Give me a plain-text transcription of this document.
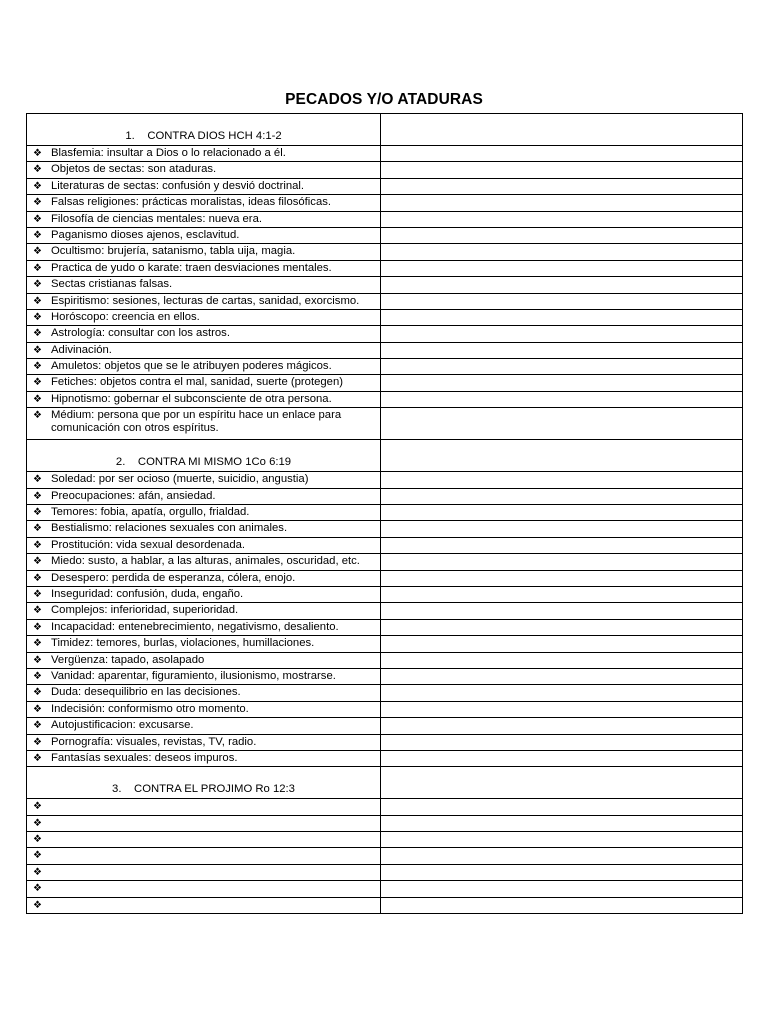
PECADOS Y/O ATADURAS
1. CONTRA DIOS HCH 4:1-2	

❖ Blasfemia: insultar a Dios o lo relacionado a él.	

❖ Objetos de sectas: son ataduras.	

❖ Literaturas de sectas: confusión y desvió doctrinal.	

❖ Falsas religiones: prácticas moralistas, ideas filosóficas.	

❖ Filosofía de ciencias mentales: nueva era.	

❖ Paganismo dioses ajenos, esclavitud.	

❖ Ocultismo: brujería, satanismo, tabla uija, magia.	

❖ Practica de yudo o karate: traen desviaciones mentales.	

❖ Sectas cristianas falsas.	

❖ Espiritismo: sesiones, lecturas de cartas, sanidad, exorcismo.	

❖ Horóscopo: creencia en ellos.	

❖ Astrología: consultar con los astros.	

❖ Adivinación.	

❖ Amuletos: objetos que se le atribuyen poderes mágicos.	

❖ Fetiches: objetos contra el mal, sanidad, suerte (protegen)	

❖ Hipnotismo: gobernar el subconsciente de otra persona.	

❖ Médium: persona que por un espíritu hace un enlace para comunicación con otros espíritus.	

2. CONTRA MI MISMO 1Co 6:19	

❖ Soledad: por ser ocioso (muerte, suicidio, angustia)	

❖ Preocupaciones: afán, ansiedad.	

❖ Temores: fobia, apatía, orgullo, frialdad.	

❖ Bestialismo: relaciones sexuales con animales.	

❖ Prostitución: vida sexual desordenada.	

❖ Miedo: susto, a hablar, a las alturas, animales, oscuridad, etc.	

❖ Desespero: perdida de esperanza, cólera, enojo.	

❖ Inseguridad: confusión, duda, engaño.	

❖ Complejos: inferioridad, superioridad.	

❖ Incapacidad: entenebrecimiento, negativismo, desaliento.	

❖ Timidez: temores, burlas, violaciones, humillaciones.	

❖ Vergüenza: tapado, asolapado	

❖ Vanidad: aparentar, figuramiento, ilusionismo, mostrarse.	

❖ Duda: desequilibrio en las decisiones.	

❖ Indecisión: conformismo otro momento.	

❖ Autojustificacion: excusarse.	

❖ Pornografía: visuales, revistas, TV, radio.	

❖ Fantasías sexuales: deseos impuros.	

3. CONTRA EL PROJIMO Ro 12:3	

❖	

❖	

❖	

❖	

❖	

❖	

❖	
